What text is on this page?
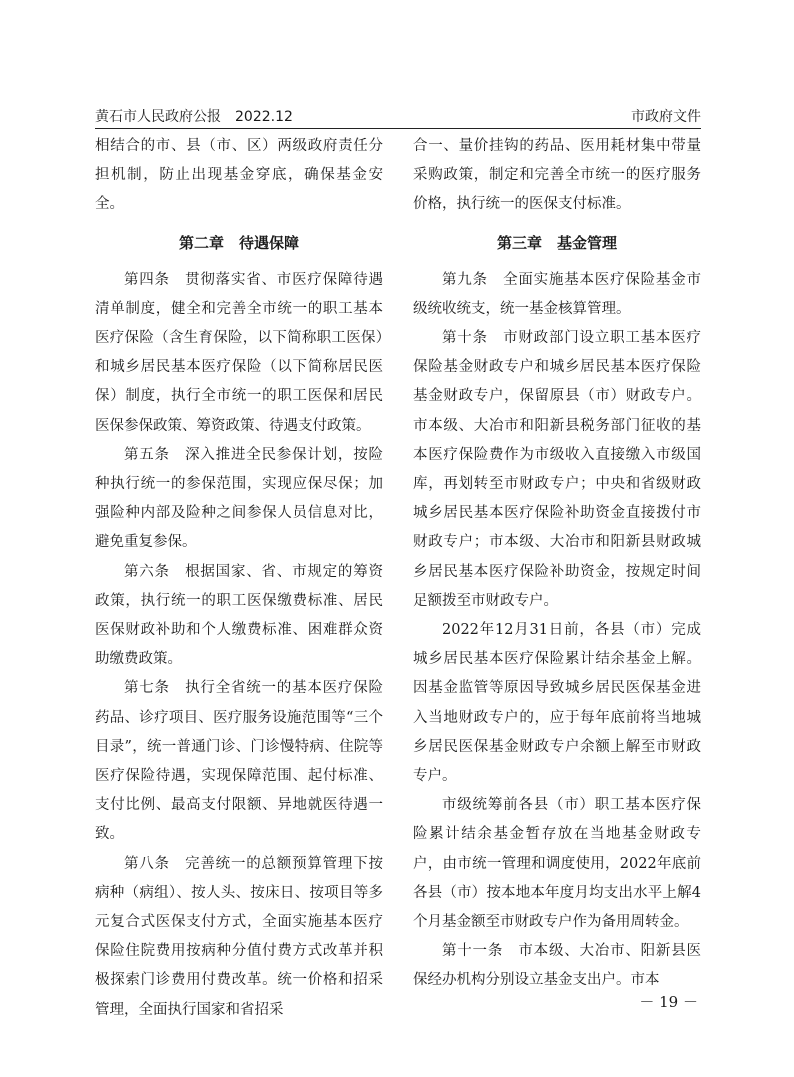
黄石市人民政府公报　2022.12	市政府文件

相结合的市、县（市、区）两级政府责任分担机制，防止出现基金穿底，确保基金安全。

第二章　待遇保障

第四条　贯彻落实省、市医疗保障待遇清单制度，健全和完善全市统一的职工基本医疗保险（含生育保险，以下简称职工医保）和城乡居民基本医疗保险（以下简称居民医保）制度，执行全市统一的职工医保和居民医保参保政策、筹资政策、待遇支付政策。

第五条　深入推进全民参保计划，按险种执行统一的参保范围，实现应保尽保；加强险种内部及险种之间参保人员信息对比，避免重复参保。

第六条　根据国家、省、市规定的筹资政策，执行统一的职工医保缴费标准、居民医保财政补助和个人缴费标准、困难群众资助缴费政策。

第七条　执行全省统一的基本医疗保险药品、诊疗项目、医疗服务设施范围等“三个目录”，统一普通门诊、门诊慢特病、住院等医疗保险待遇，实现保障范围、起付标准、支付比例、最高支付限额、异地就医待遇一致。

第八条　完善统一的总额预算管理下按病种（病组）、按人头、按床日、按项目等多元复合式医保支付方式，全面实施基本医疗保险住院费用按病种分值付费方式改革并积极探索门诊费用付费改革。统一价格和招采管理，全面执行国家和省招采

合一、量价挂钩的药品、医用耗材集中带量采购政策，制定和完善全市统一的医疗服务价格，执行统一的医保支付标准。

第三章　基金管理

第九条　全面实施基本医疗保险基金市级统收统支，统一基金核算管理。

第十条　市财政部门设立职工基本医疗保险基金财政专户和城乡居民基本医疗保险基金财政专户，保留原县（市）财政专户。市本级、大冶市和阳新县税务部门征收的基本医疗保险费作为市级收入直接缴入市级国库，再划转至市财政专户；中央和省级财政城乡居民基本医疗保险补助资金直接拨付市财政专户；市本级、大冶市和阳新县财政城乡居民基本医疗保险补助资金，按规定时间足额拨至市财政专户。

2022年12月31日前，各县（市）完成城乡居民基本医疗保险累计结余基金上解。因基金监管等原因导致城乡居民医保基金进入当地财政专户的，应于每年底前将当地城乡居民医保基金财政专户余额上解至市财政专户。

市级统筹前各县（市）职工基本医疗保险累计结余基金暂存放在当地基金财政专户，由市统一管理和调度使用，2022年底前各县（市）按本地本年度月均支出水平上解4个月基金额至市财政专户作为备用周转金。

第十一条　市本级、大冶市、阳新县医保经办机构分别设立基金支出户。市本

－ 19 －
